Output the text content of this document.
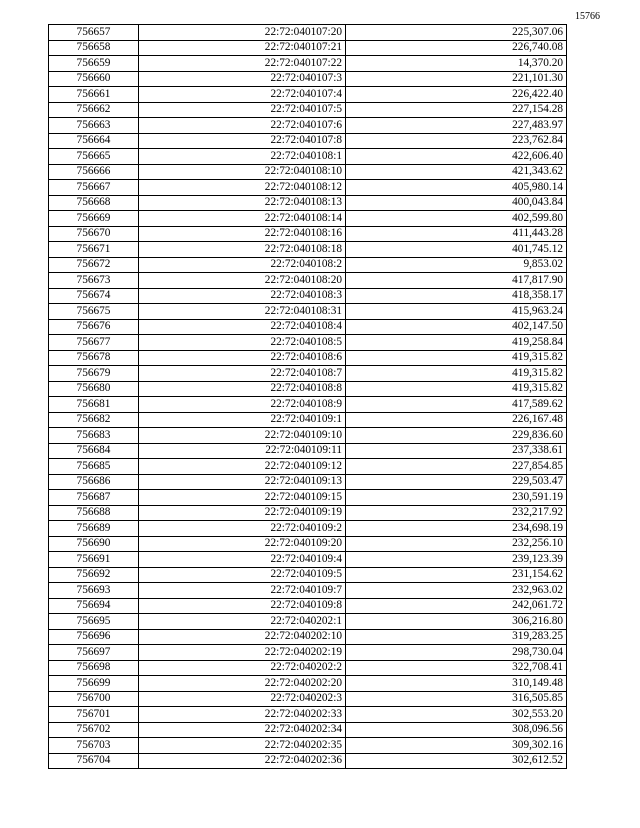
15766
756657	22:72:040107:20	225,307.06
756658	22:72:040107:21	226,740.08
756659	22:72:040107:22	14,370.20
756660	22:72:040107:3	221,101.30
756661	22:72:040107:4	226,422.40
756662	22:72:040107:5	227,154.28
756663	22:72:040107:6	227,483.97
756664	22:72:040107:8	223,762.84
756665	22:72:040108:1	422,606.40
756666	22:72:040108:10	421,343.62
756667	22:72:040108:12	405,980.14
756668	22:72:040108:13	400,043.84
756669	22:72:040108:14	402,599.80
756670	22:72:040108:16	411,443.28
756671	22:72:040108:18	401,745.12
756672	22:72:040108:2	9,853.02
756673	22:72:040108:20	417,817.90
756674	22:72:040108:3	418,358.17
756675	22:72:040108:31	415,963.24
756676	22:72:040108:4	402,147.50
756677	22:72:040108:5	419,258.84
756678	22:72:040108:6	419,315.82
756679	22:72:040108:7	419,315.82
756680	22:72:040108:8	419,315.82
756681	22:72:040108:9	417,589.62
756682	22:72:040109:1	226,167.48
756683	22:72:040109:10	229,836.60
756684	22:72:040109:11	237,338.61
756685	22:72:040109:12	227,854.85
756686	22:72:040109:13	229,503.47
756687	22:72:040109:15	230,591.19
756688	22:72:040109:19	232,217.92
756689	22:72:040109:2	234,698.19
756690	22:72:040109:20	232,256.10
756691	22:72:040109:4	239,123.39
756692	22:72:040109:5	231,154.62
756693	22:72:040109:7	232,963.02
756694	22:72:040109:8	242,061.72
756695	22:72:040202:1	306,216.80
756696	22:72:040202:10	319,283.25
756697	22:72:040202:19	298,730.04
756698	22:72:040202:2	322,708.41
756699	22:72:040202:20	310,149.48
756700	22:72:040202:3	316,505.85
756701	22:72:040202:33	302,553.20
756702	22:72:040202:34	308,096.56
756703	22:72:040202:35	309,302.16
756704	22:72:040202:36	302,612.52
